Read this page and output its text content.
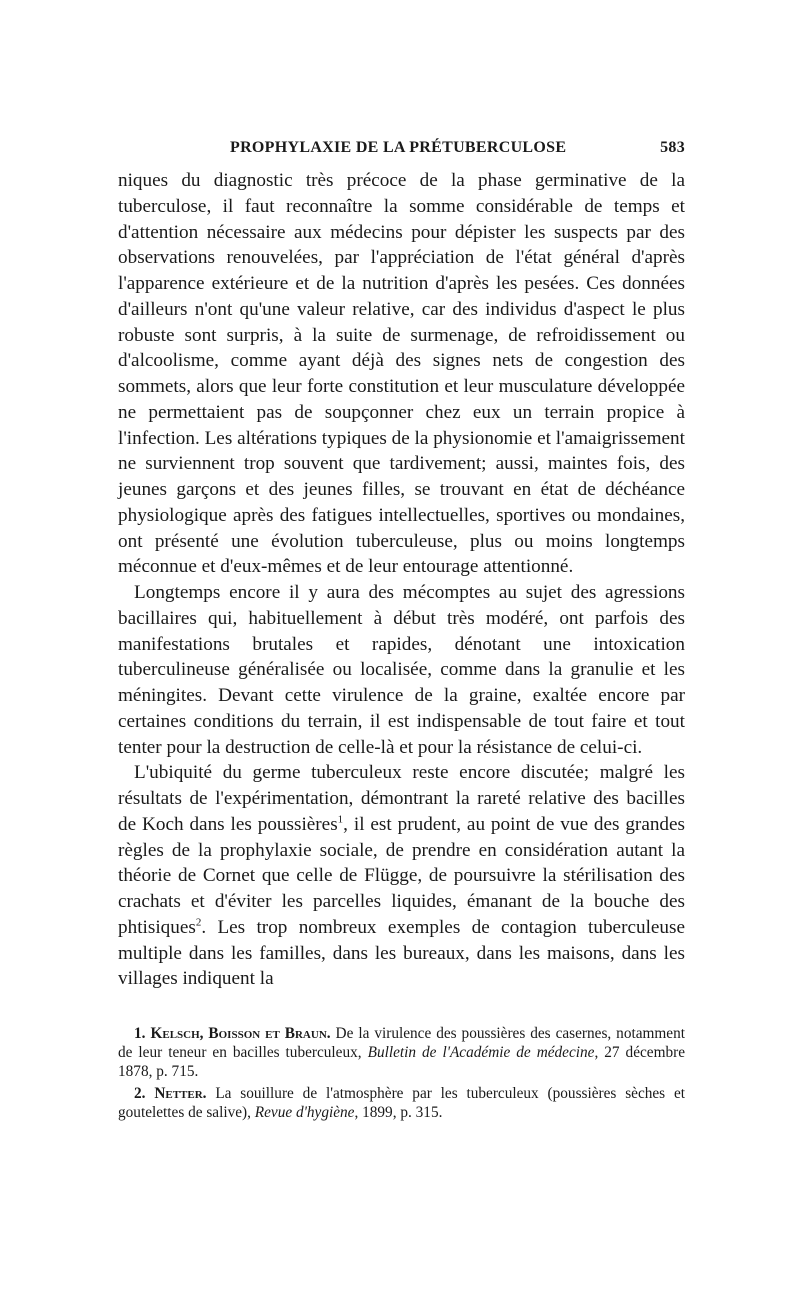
PROPHYLAXIE DE LA PRÉTUBERCULOSE	583

niques du diagnostic très précoce de la phase germinative de la tuberculose, il faut reconnaître la somme considérable de temps et d'attention nécessaire aux médecins pour dépister les suspects par des observations renouvelées, par l'appréciation de l'état général d'après l'apparence extérieure et de la nutrition d'après les pesées. Ces données d'ailleurs n'ont qu'une valeur relative, car des individus d'aspect le plus robuste sont surpris, à la suite de surmenage, de refroidissement ou d'alcoolisme, comme ayant déjà des signes nets de congestion des sommets, alors que leur forte constitution et leur musculature développée ne permettaient pas de soupçonner chez eux un terrain propice à l'infection. Les altérations typiques de la physionomie et l'amaigrissement ne surviennent trop souvent que tardivement; aussi, maintes fois, des jeunes garçons et des jeunes filles, se trouvant en état de déchéance physiologique après des fatigues intellectuelles, sportives ou mondaines, ont présenté une évolution tuberculeuse, plus ou moins longtemps méconnue et d'eux-mêmes et de leur entourage attentionné.

Longtemps encore il y aura des mécomptes au sujet des agressions bacillaires qui, habituellement à début très modéré, ont parfois des manifestations brutales et rapides, dénotant une intoxication tuberculineuse généralisée ou localisée, comme dans la granulie et les méningites. Devant cette virulence de la graine, exaltée encore par certaines conditions du terrain, il est indispensable de tout faire et tout tenter pour la destruction de celle-là et pour la résistance de celui-ci.

L'ubiquité du germe tuberculeux reste encore discutée; malgré les résultats de l'expérimentation, démontrant la rareté relative des bacilles de Koch dans les poussières$^1$, il est prudent, au point de vue des grandes règles de la prophylaxie sociale, de prendre en considération autant la théorie de Cornet que celle de Flügge, de poursuivre la stérilisation des crachats et d'éviter les parcelles liquides, émanant de la bouche des phtisiques$^2$. Les trop nombreux exemples de contagion tuberculeuse multiple dans les familles, dans les bureaux, dans les maisons, dans les villages indiquent la

1. Kelsch, Boisson et Braun. De la virulence des poussières des casernes, notamment de leur teneur en bacilles tuberculeux, Bulletin de l'Académie de médecine, 27 décembre 1878, p. 715.

2. Netter. La souillure de l'atmosphère par les tuberculeux (poussières sèches et goutelettes de salive), Revue d'hygiène, 1899, p. 315.
